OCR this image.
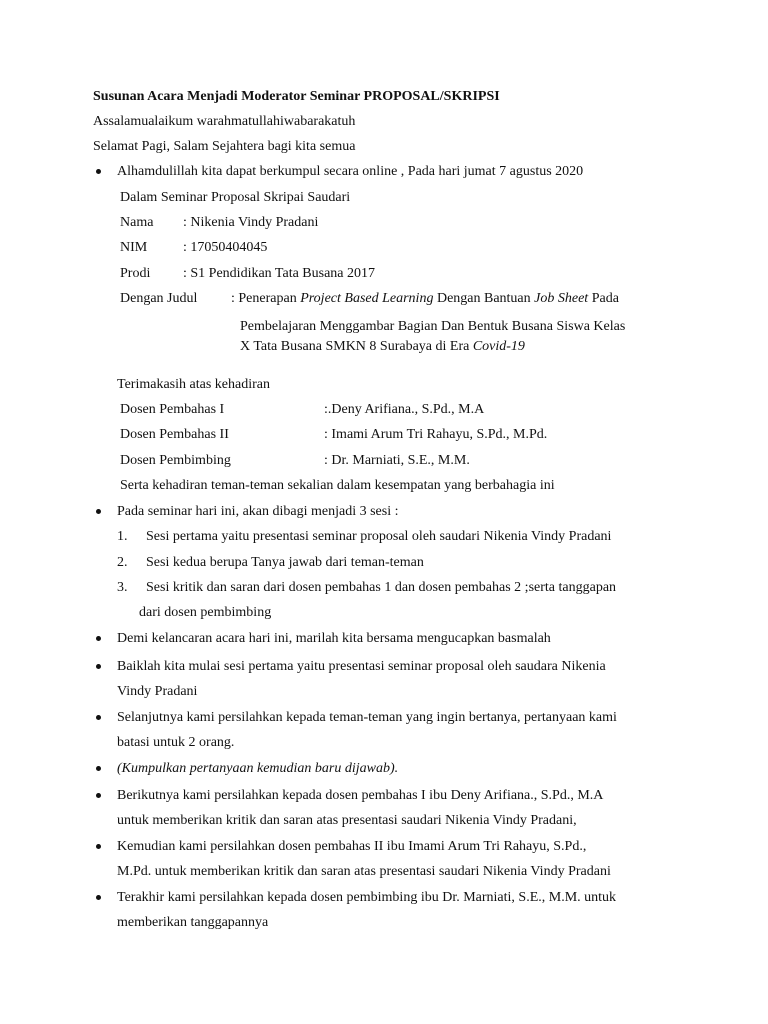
Susunan Acara Menjadi Moderator Seminar PROPOSAL/SKRIPSI
Assalamualaikum warahmatullahiwabarakatuh
Selamat Pagi, Salam Sejahtera bagi kita semua
Alhamdulillah kita dapat berkumpul secara online , Pada hari jumat 7 agustus 2020
Dalam Seminar Proposal Skripai Saudari
Nama : Nikenia Vindy Pradani
NIM	: 17050404045
Prodi : S1 Pendidikan Tata Busana 2017
Dengan Judul : Penerapan Project Based Learning Dengan Bantuan Job Sheet Pada
Pembelajaran Menggambar Bagian Dan Bentuk Busana Siswa Kelas
X Tata Busana SMKN 8 Surabaya di Era Covid-19
Terimakasih atas kehadiran
Dosen Pembahas I	:.Deny Arifiana., S.Pd., M.A
Dosen Pembahas II	: Imami Arum Tri Rahayu, S.Pd., M.Pd.
Dosen Pembimbing	: Dr. Marniati, S.E., M.M.
Serta kehadiran teman-teman sekalian dalam kesempatan yang berbahagia ini
Pada seminar hari ini, akan dibagi menjadi 3 sesi :
1. Sesi pertama yaitu presentasi seminar proposal oleh saudari Nikenia Vindy Pradani
2. Sesi kedua berupa Tanya jawab dari teman-teman
3. Sesi kritik dan saran dari dosen pembahas 1 dan dosen pembahas 2 ;serta tanggapan
dari dosen pembimbing
Demi kelancaran acara hari ini, marilah kita bersama mengucapkan basmalah
Baiklah kita mulai sesi pertama yaitu presentasi seminar proposal oleh saudara Nikenia
Vindy Pradani
Selanjutnya kami persilahkan kepada teman-teman yang ingin bertanya, pertanyaan kami
batasi untuk 2 orang.
(Kumpulkan pertanyaan kemudian baru dijawab).
Berikutnya kami persilahkan kepada dosen pembahas I ibu Deny Arifiana., S.Pd., M.A
untuk memberikan kritik dan saran atas presentasi saudari Nikenia Vindy Pradani,
Kemudian kami persilahkan dosen pembahas II ibu Imami Arum Tri Rahayu, S.Pd.,
M.Pd. untuk memberikan kritik dan saran atas presentasi saudari Nikenia Vindy Pradani
Terakhir kami persilahkan kepada dosen pembimbing ibu Dr. Marniati, S.E., M.M. untuk
memberikan tanggapannya
